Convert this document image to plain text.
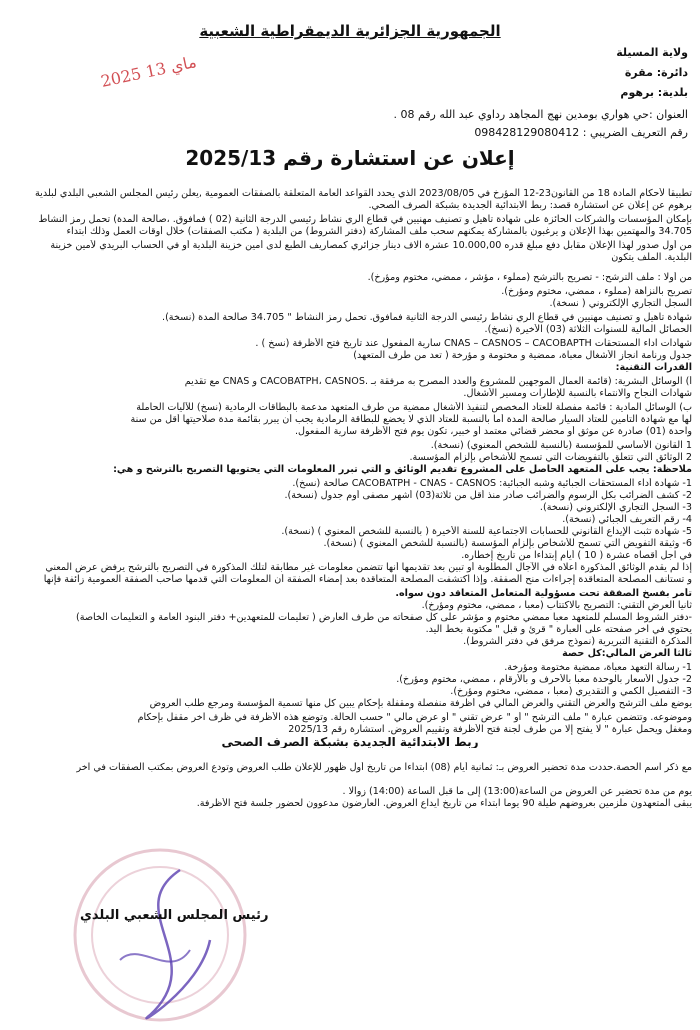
الجمهورية الجزائرية الديمقراطية الشعبية
ولاية المسيلة
دائرة: مقرة
بلدية: برهوم
العنوان :حي هواري بومدين نهج المجاهد رداوي عبد الله رقم 08 .
رقم التعريف الضريبي : 098428129080412
2025 ماي 13
إعلان عن استشارة رقم 2025/13
تطبيقا لأحكام المادة 18 من القانون23-12 المؤرخ في 2023/08/05 الذي يحدد القواعد العامة المتعلقة بالصفقات العمومية ,يعلن رئيس المجلس الشعبي البلدي لبلدية
برهوم عن إعلان عن استشارة قصد: ربط الابتدائية الجديدة بشبكة الصرف الصحي.
بإمكان المؤسسات والشركات الحائزة على شهادة تأهيل و تصنيف مهنيين في قطاع الري نشاط رئيسي الدرجة الثانية (02 ) فمافوق. ،صالحة المدة) تحمل رمز النشاط
34.705 والمهتمين بهذا الإعلان و يرغبون بالمشاركة يمكنهم سحب ملف المشاركة (دفتر الشروط) من البلدية ( مكتب الصفقات) خلال أوقات العمل وذلك ابتداء
من أول صدور لهذا الإعلان مقابل دفع مبلغ قدره 10.000,00 عشرة الاف دينار جزائري كمصاريف الطبع لدى أمين خزينة البلدية أو في الحساب البريدي لأمين خزينة
البلدية. الملف يتكون
من أولا : ملف الترشح: - تصريح بالترشح (مملوء ، مؤشر ، ممضي، مختوم ومؤرخ).
تصريح بالنزاهة (مملوء ، ممضي، مختوم ومؤرخ).
السجل التجاري الإلكتروني ( نسخة).
شهادة تأهيل و تصنيف مهنيين في قطاع الري نشاط رئيسي الدرجة الثانية فمافوق. تحمل رمز النشاط " 34.705 صالحة المدة (نسخة).
الحصائل المالية للسنوات الثلاثة (03) الأخيرة (نسخ).
شهادات اداء المستحقات CNAS – CASNOS – CACOBAPTH سارية المفعول عند تاريخ فتح الأظرفة (نسخ ) .
جدول ورنامة انجاز الأشغال معبأة، ممضية و مختومة و مؤرخة ( تعد من طرف المتعهد)
القدرات التقنية:
أ) الوسائل البشرية: (قائمة العمال الموجهين للمشروع والعدد المصرح به مرفقة بـ .CACOBATPH، CASNOS و CNAS مع تقديم
شهادات النجاح والانتماء بالنسبة للإطارات ومسير الأشغال.
ب) الوسائل المادية : قائمة مفصلة للعتاد المخصص لتنفيذ الأشغال ممضية من طرف المتعهد مدعمة بالبطاقات الرمادية (نسخ) للآليات الحاملة
لها مع شهادة التأمين للعتاد السيار صالحة المدة أما بالنسبة للعتاد الذي لا يخضع للبطاقة الرمادية يجب أن يبرر بقائمة مدة صلاحيتها أقل من سنة
واحدة (01) صادرة عن موثق أو محضر قضائي معتمد أو خبير، تكون يوم فتح الأظرفة سارية المفعول.
1 القانون الأساسي للمؤسسة (بالنسبة للشخص المعنوي) (نسخة).
2 الوثائق التي تتعلق بالتفويضات التي تسمح للأشخاص بإلزام المؤسسة.
ملاحظة: يجب على المتعهد الحاصل على المشروع تقديم الوثائق و التي تبرر المعلومات التي يحتويها التصريح بالترشح و هي:
1- شهادة أداء المستحقات الجبائية وشبه الجبائية: CACOBATPH - CNAS - CASNOS صالحة (نسخ).
2- كشف الضرائب بكل الرسوم والضرائب صادر منذ أقل من ثلاثة(03) أشهر مصفى أوم جدول (نسخة).
3- السجل التجاري الإلكتروني (نسخة).
4- رقم التعريف الجبائي (نسخة).
5- شهادة تثبت الإيداع القانوني للحسابات الاجتماعية للسنة الأخيرة ( بالنسبة للشخص المعنوي ) (نسخة).
6- وثيقة التفويض التي تسمح للأشخاص بإلزام المؤسسة (بالنسبة للشخص المعنوي ) (نسخة).
في اجل أقصاه عشرة ( 10 ) أيام إبتداءا من تاريخ إخطاره.
إذا لم يقدم الوثائق المذكورة أعلاه في الآجال المطلوبة أو تبين بعد تقديمها أنها تتضمن معلومات غير مطابقة لتلك المذكورة في التصريح بالترشح يرفض عرض المعني
و تستأنف المصلحة المتعاقدة إجراءات منح الصفقة. وإذا اكتشفت المصلحة المتعاقدة بعد إمضاء الصفقة أن المعلومات التي قدمها صاحب الصفقة العمومية زائفة فإنها
تأمر بفسخ الصفقة تحت مسؤولية المتعامل المتعاقد دون سواه.
ثانيا العرض التقني: التصريح بالاكتتاب (معبأ ، ممضي، مختوم ومؤرخ).
-دفتر الشروط المسلم للمتعهد معبأ ممضي مختوم و مؤشر على كل صفحاته من طرف العارض ( تعليمات للمتعهدين+ دفتر البنود العامة و التعليمات الخاصة)
يحتوي في آخر صفحته على العبارة " قرئ و قبل " مكتوبة بخط اليد.
المذكرة التقنية التبريرية (نموذج مرفق في دفتر الشروط).
ثالثا العرض المالي:كل حصة
1- رسالة التعهد معبأة، ممضية مختومة ومؤرخة.
2- جدول الأسعار بالوحدة معبأ بالأحرف و بالأرقام ، ممضي، مختوم ومؤرخ).
3- التفصيل الكمي و التقديري (معبأ ، ممضي، مختوم ومؤرخ).
يوضع ملف الترشح والعرض التقني والعرض المالي في أظرفة منفصلة ومقفلة بإحكام يبين كل منها تسمية المؤسسة ومرجع طلب العروض
وموضوعه. وتتضمن عبارة " ملف الترشح " أو " عرض تقني " أو عرض مالي " حسب الحالة. وتوضع هذه الأظرفة في ظرف آخر مقفل بإحكام
ومغفل ويحمل عبارة " لا يفتح إلا من طرف لجنة فتح الأظرفة وتقييم العروض. استشارة رقم 2025/13
ربط الابتدائية الجديدة بشبكة الصرف الصحي
مع ذكر اسم الحصة.حددت مدة تحضير العروض بـ: ثمانية أيام (08) ابتداءا من تاريخ أول ظهور للإعلان طلب العروض وتودع العروض بمكتب الصفقات في آخر
يوم من مدة تحضير عن العروض من الساعة(13:00) إلى ما قبل الساعة (14:00) زوالا .
يبقى المتعهدون ملزمين بعروضهم طيلة 90 يوما ابتداء من تاريخ ايداع العروض. العارضون مدعوون لحضور جلسة فتح الأظرفة.
رئيس المجلس الشعبي البلدي
